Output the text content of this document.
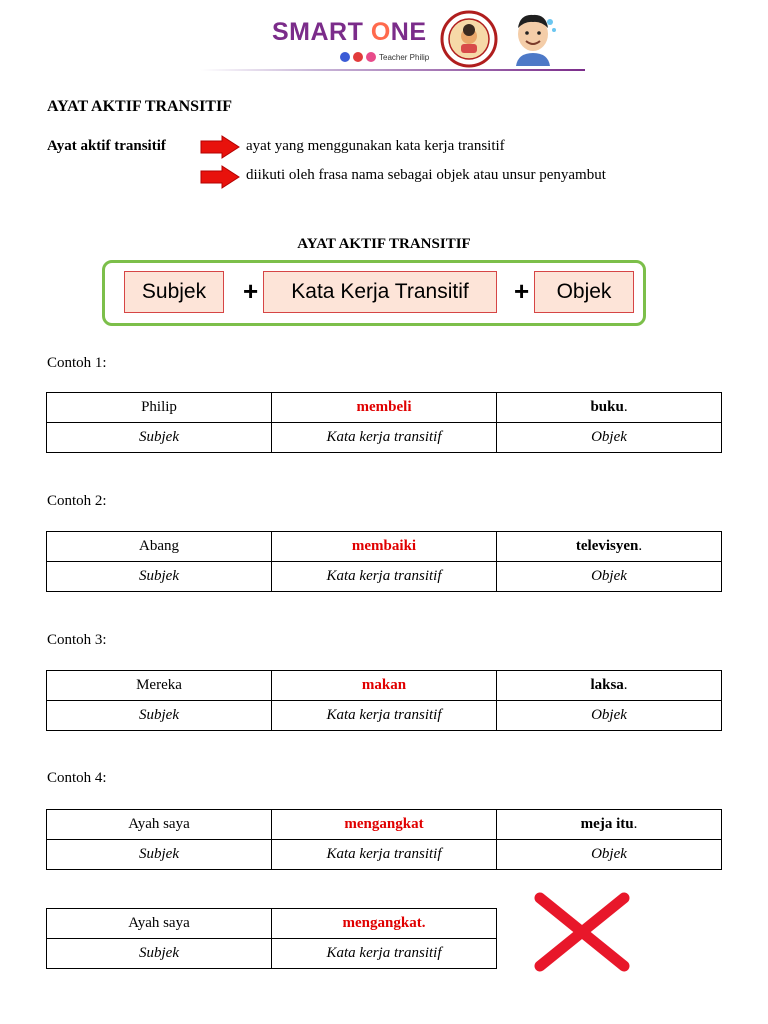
SMART ONE
Teacher Philip
AYAT AKTIF TRANSITIF
Ayat aktif transitif	ayat yang menggunakan kata kerja transitif
diikuti oleh frasa nama sebagai objek atau unsur penyambut
AYAT AKTIF TRANSITIF
Subjek	+	Kata Kerja Transitif	+	Objek
Contoh 1:
Philip	membeli	buku.
Subjek	Kata kerja transitif	Objek
Contoh 2:
Abang	membaiki	televisyen.
Subjek	Kata kerja transitif	Objek
Contoh 3:
Mereka	makan	laksa.
Subjek	Kata kerja transitif	Objek
Contoh 4:
Ayah saya	mengangkat	meja itu.
Subjek	Kata kerja transitif	Objek
Ayah saya	mengangkat.
Subjek	Kata kerja transitif
